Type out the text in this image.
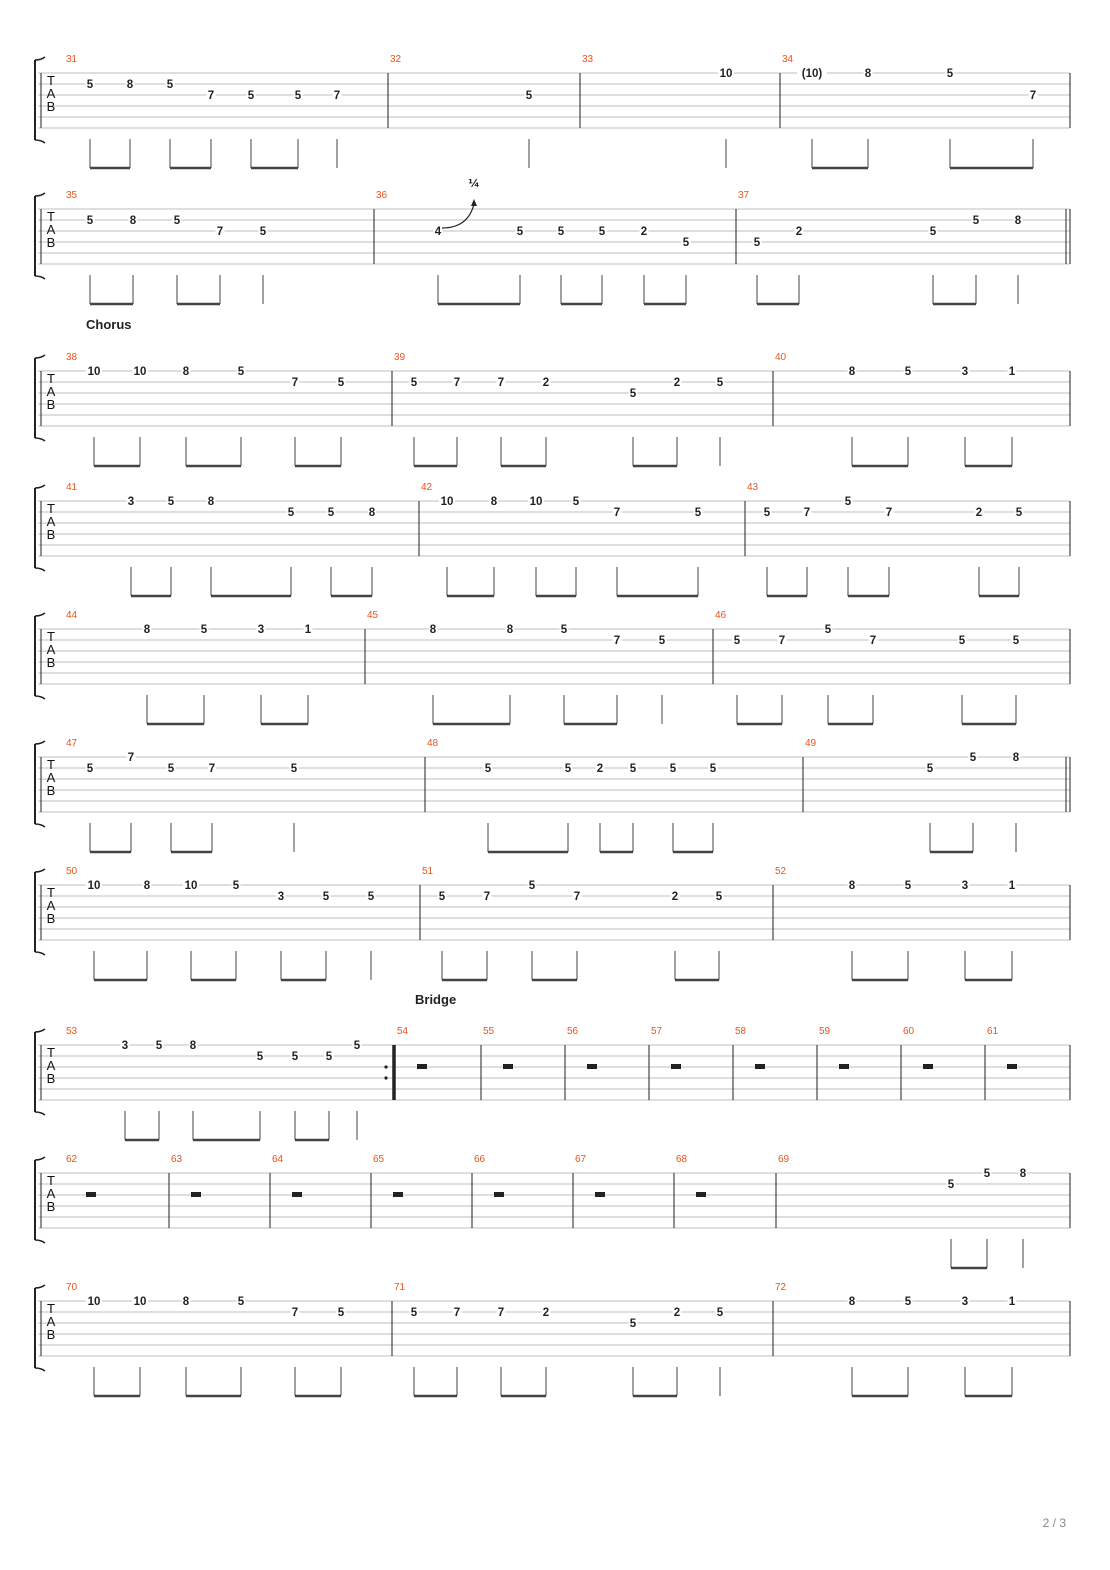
T
A
B
31
5	8	5
7	5	5	7
32
5
33
10
34
(10)	8	5
7
T
A
B
35
5	8	5
7	5
36
4	5	5	5	2
5
37
5
2	5
5	8
T
A
B
Chorus
38
10	10	8	5
7	5
39
5	7	7	2
5
2	5
40
8	5	3	1
T
A
B
41
3	5	8
5	5	8
42
10	8	10	5
7	5
43
5	7
5
7	2	5
T
A
B
44
8	5	3	1
45
8	8	5
7	5
46
5	7
5
7	5	5
T
A
B
47
5
7
5	7	5
48
5	5 2 5	5	5
49
5
5	8
T
A
B
50
10	8	10	5
3	5	5
51
5	7
5
7	2	5
52
8	5	3	1
T
A
B
Bridge
53
3 5 8
5 5 5
5
54	55	56	57	58	59	60	61
T
A
B
62	63	64	65	66	67	68	69
5
5	8
T
A
B
70
10	10	8	5
7	5
71
5	7	7	2
5
2	5
72
8	5	3	1
¼
2 / 3
